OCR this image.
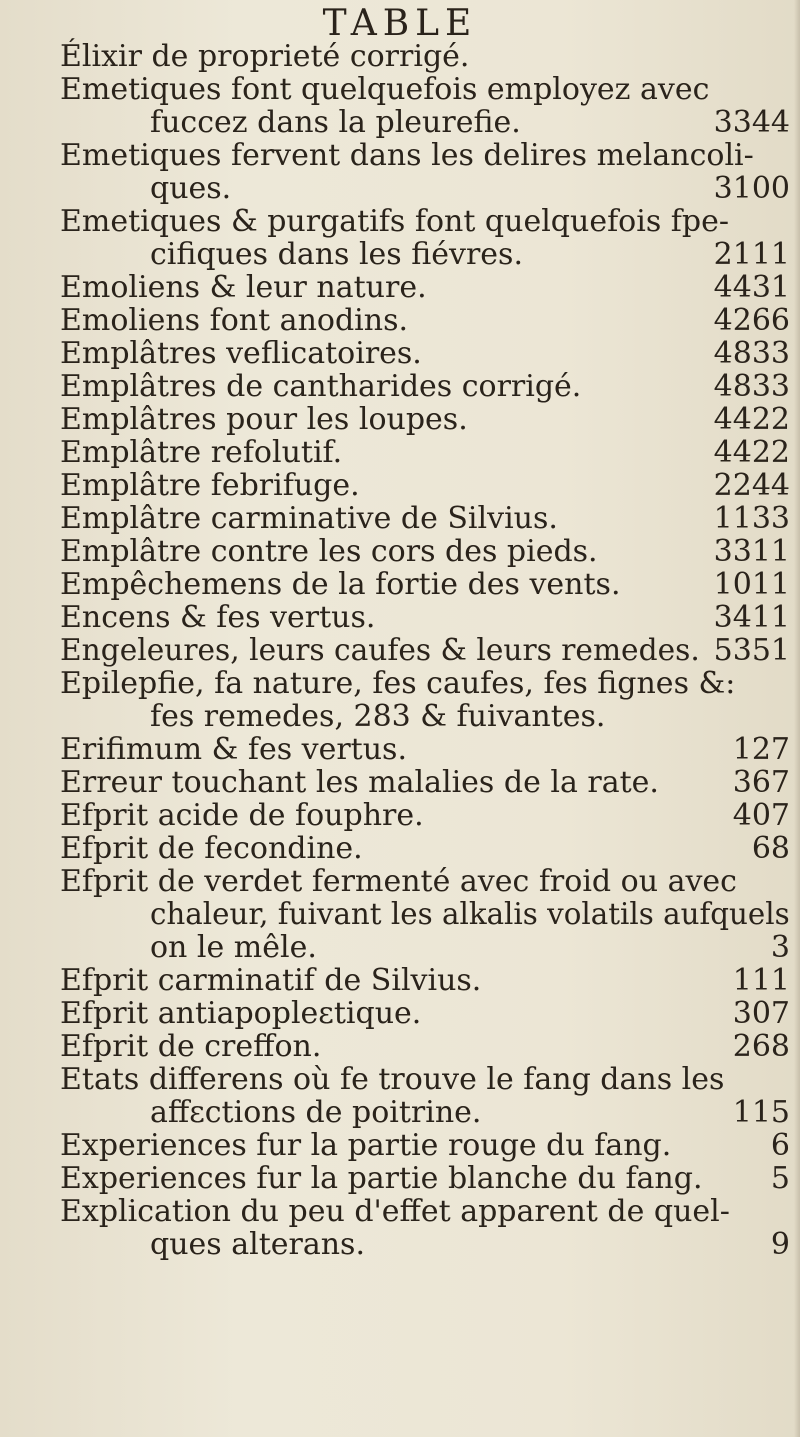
TABLE
Élixir de proprieté corrigé.
Emetiques font quelquefois employez avec
fuccez dans la pleurefie.	3344
Emetiques fervent dans les delires melancoli-
ques.	3100
Emetiques & purgatifs font quelquefois fpe-
cifiques dans les fiévres.	2111
Emoliens & leur nature.	4431
Emoliens font anodins.	4266
Emplâtres veflicatoires.	4833
Emplâtres de cantharides corrigé.	4833
Emplâtres pour les loupes.	4422
Emplâtre refolutif.	4422
Emplâtre febrifuge.	2244
Emplâtre carminative de Silvius.	1133
Emplâtre contre les cors des pieds.	3311
Empêchemens de la fortie des vents.	1011
Encens & fes vertus.	3411
Engeleures, leurs caufes & leurs remedes. 5351
Epilepfie, fa nature, fes caufes, fes fignes &:
fes remedes, 283 & fuivantes.
Erifimum & fes vertus.	127
Erreur touchant les malalies de la rate. 367
Efprit acide de fouphre.	407
Efprit de fecondine.	68
Efprit de verdet fermenté avec froid ou avec
chaleur, fuivant les alkalis volatils aufquels
on le mêle.	3
Efprit carminatif de Silvius.	111
Efprit antiapopleɛtique.	307
Efprit de creffon.	268
Etats differens où fe trouve le fang dans les
affɛctions de poitrine.	115
Experiences fur la partie rouge du fang.	6
Experiences fur la partie blanche du fang. 5
Explication du peu d'effet apparent de quel-
ques alterans.	9
